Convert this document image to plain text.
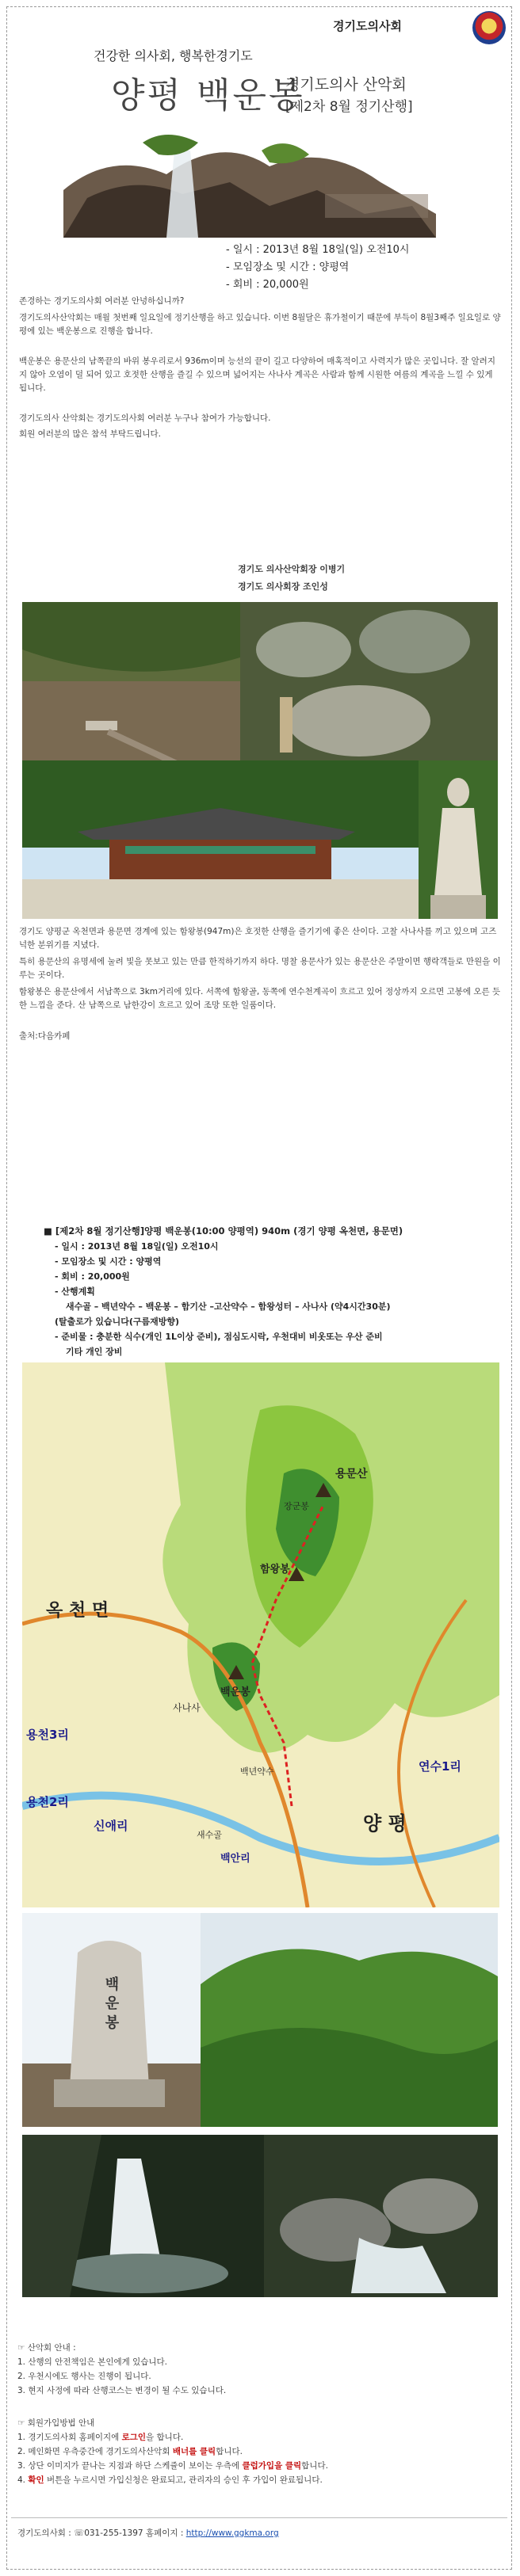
경기도의사회
건강한 의사회, 행복한경기도
양평 백운봉
경기도의사 산악회
[제2차 8월 정기산행]
- 일시 : 2013년 8월 18일(일) 오전10시
- 모임장소 및 시간 : 양평역
- 회비 : 20,000원
존경하는 경기도의사회 여러분 안녕하십니까?
경기도의사산악회는 매월 첫번째 일요일에 정기산행을 하고 있습니다. 이번 8월달은 휴가철이기 때문에 부득이 8월3째주 일요일로 양평에 있는 백운봉으로 진행을 합니다.
백운봉은 용문산의 남쪽끝의 바위 봉우리로서 936m이며 능선의 끝이 길고 다양하여 매혹적이고 사력지가 많은 곳입니다. 잘 알려지지 않아 오염이 덜 되어 있고 호젓한 산행을 즐길 수 있으며 넓어지는 사나사 계곡은 사람과 함께 시원한 여름의 계곡을 느낄 수 있게 됩니다.
경기도의사 산악회는 경기도의사회 여러분 누구나 참여가 가능합니다.
회원 여러분의 많은 참석 부탁드립니다.
경기도 의사산악회장 이병기
경기도 의사회장 조인성
경기도 양평군 옥천면과 용문면 경계에 있는 함왕봉(947m)은 호젓한 산행을 즐기기에 좋은 산이다. 고찰 사나사를 끼고 있으며 고즈넉한 분위기를 지녔다.
특히 용문산의 유명세에 눌려 빛을 못보고 있는 만큼 한적하기까지 하다. 명찰 용문사가 있는 용문산은 주말이면 행락객들로 만원을 이루는 곳이다.
함왕봉은 용문산에서 서남쪽으로 3km거리에 있다. 서쪽에 함왕골, 동쪽에 연수천계곡이 흐르고 있어 정상까지 오르면 고봉에 오른 듯한 느낌을 준다. 산 남쪽으로 남한강이 흐르고 있어 조망 또한 일품이다.
출처:다음카페
■ [제2차 8월 정기산행]양평 백운봉(10:00 양평역) 940m (경기 양평 옥천면, 용문면)
- 일시 : 2013년 8월 18일(일) 오전10시
- 모임장소 및 시간 : 양평역
- 회비 : 20,000원
- 산행계획
새수골 – 백년약수 – 백운봉 – 함기산 –고산약수 – 함왕성터 – 사나사 (약4시간30분)
(탈출로가 있습니다(구름재방향)
- 준비물 : 충분한 식수(개인 1L이상 준비), 점심도시락, 우천대비 비옷또는 우산 준비
기타 개인 장비
옥 천 면
양 평
용천3리
용천2리
신애리
연수1리
용문산
함왕봉
백운봉
사나사
백년약수
장군봉
새수골
백안리
백 운 봉
☞ 산악회 안내 :
1. 산행의 안전책임은 본인에게 있습니다.
2. 우천시에도 행사는 진행이 됩니다.
3. 현지 사정에 따라 산행코스는 변경이 될 수도 있습니다.
☞ 회원가입방법 안내
1. 경기도의사회 홈페이지에 로그인을 합니다.
2. 메인화면 우측중간에 경기도의사산악회 배너를 클릭합니다.
3. 상단 이미지가 끝나는 지점과 하단 스케쥴이 보이는 우측에 클럽가입을 클릭합니다.
4. 확인 버튼을 누르시면 가입신청은 완료되고, 관리자의 승인 후 가입이 완료됩니다.
경기도의사회 : ☏031-255-1397 홈페이지 : http://www.ggkma.org
